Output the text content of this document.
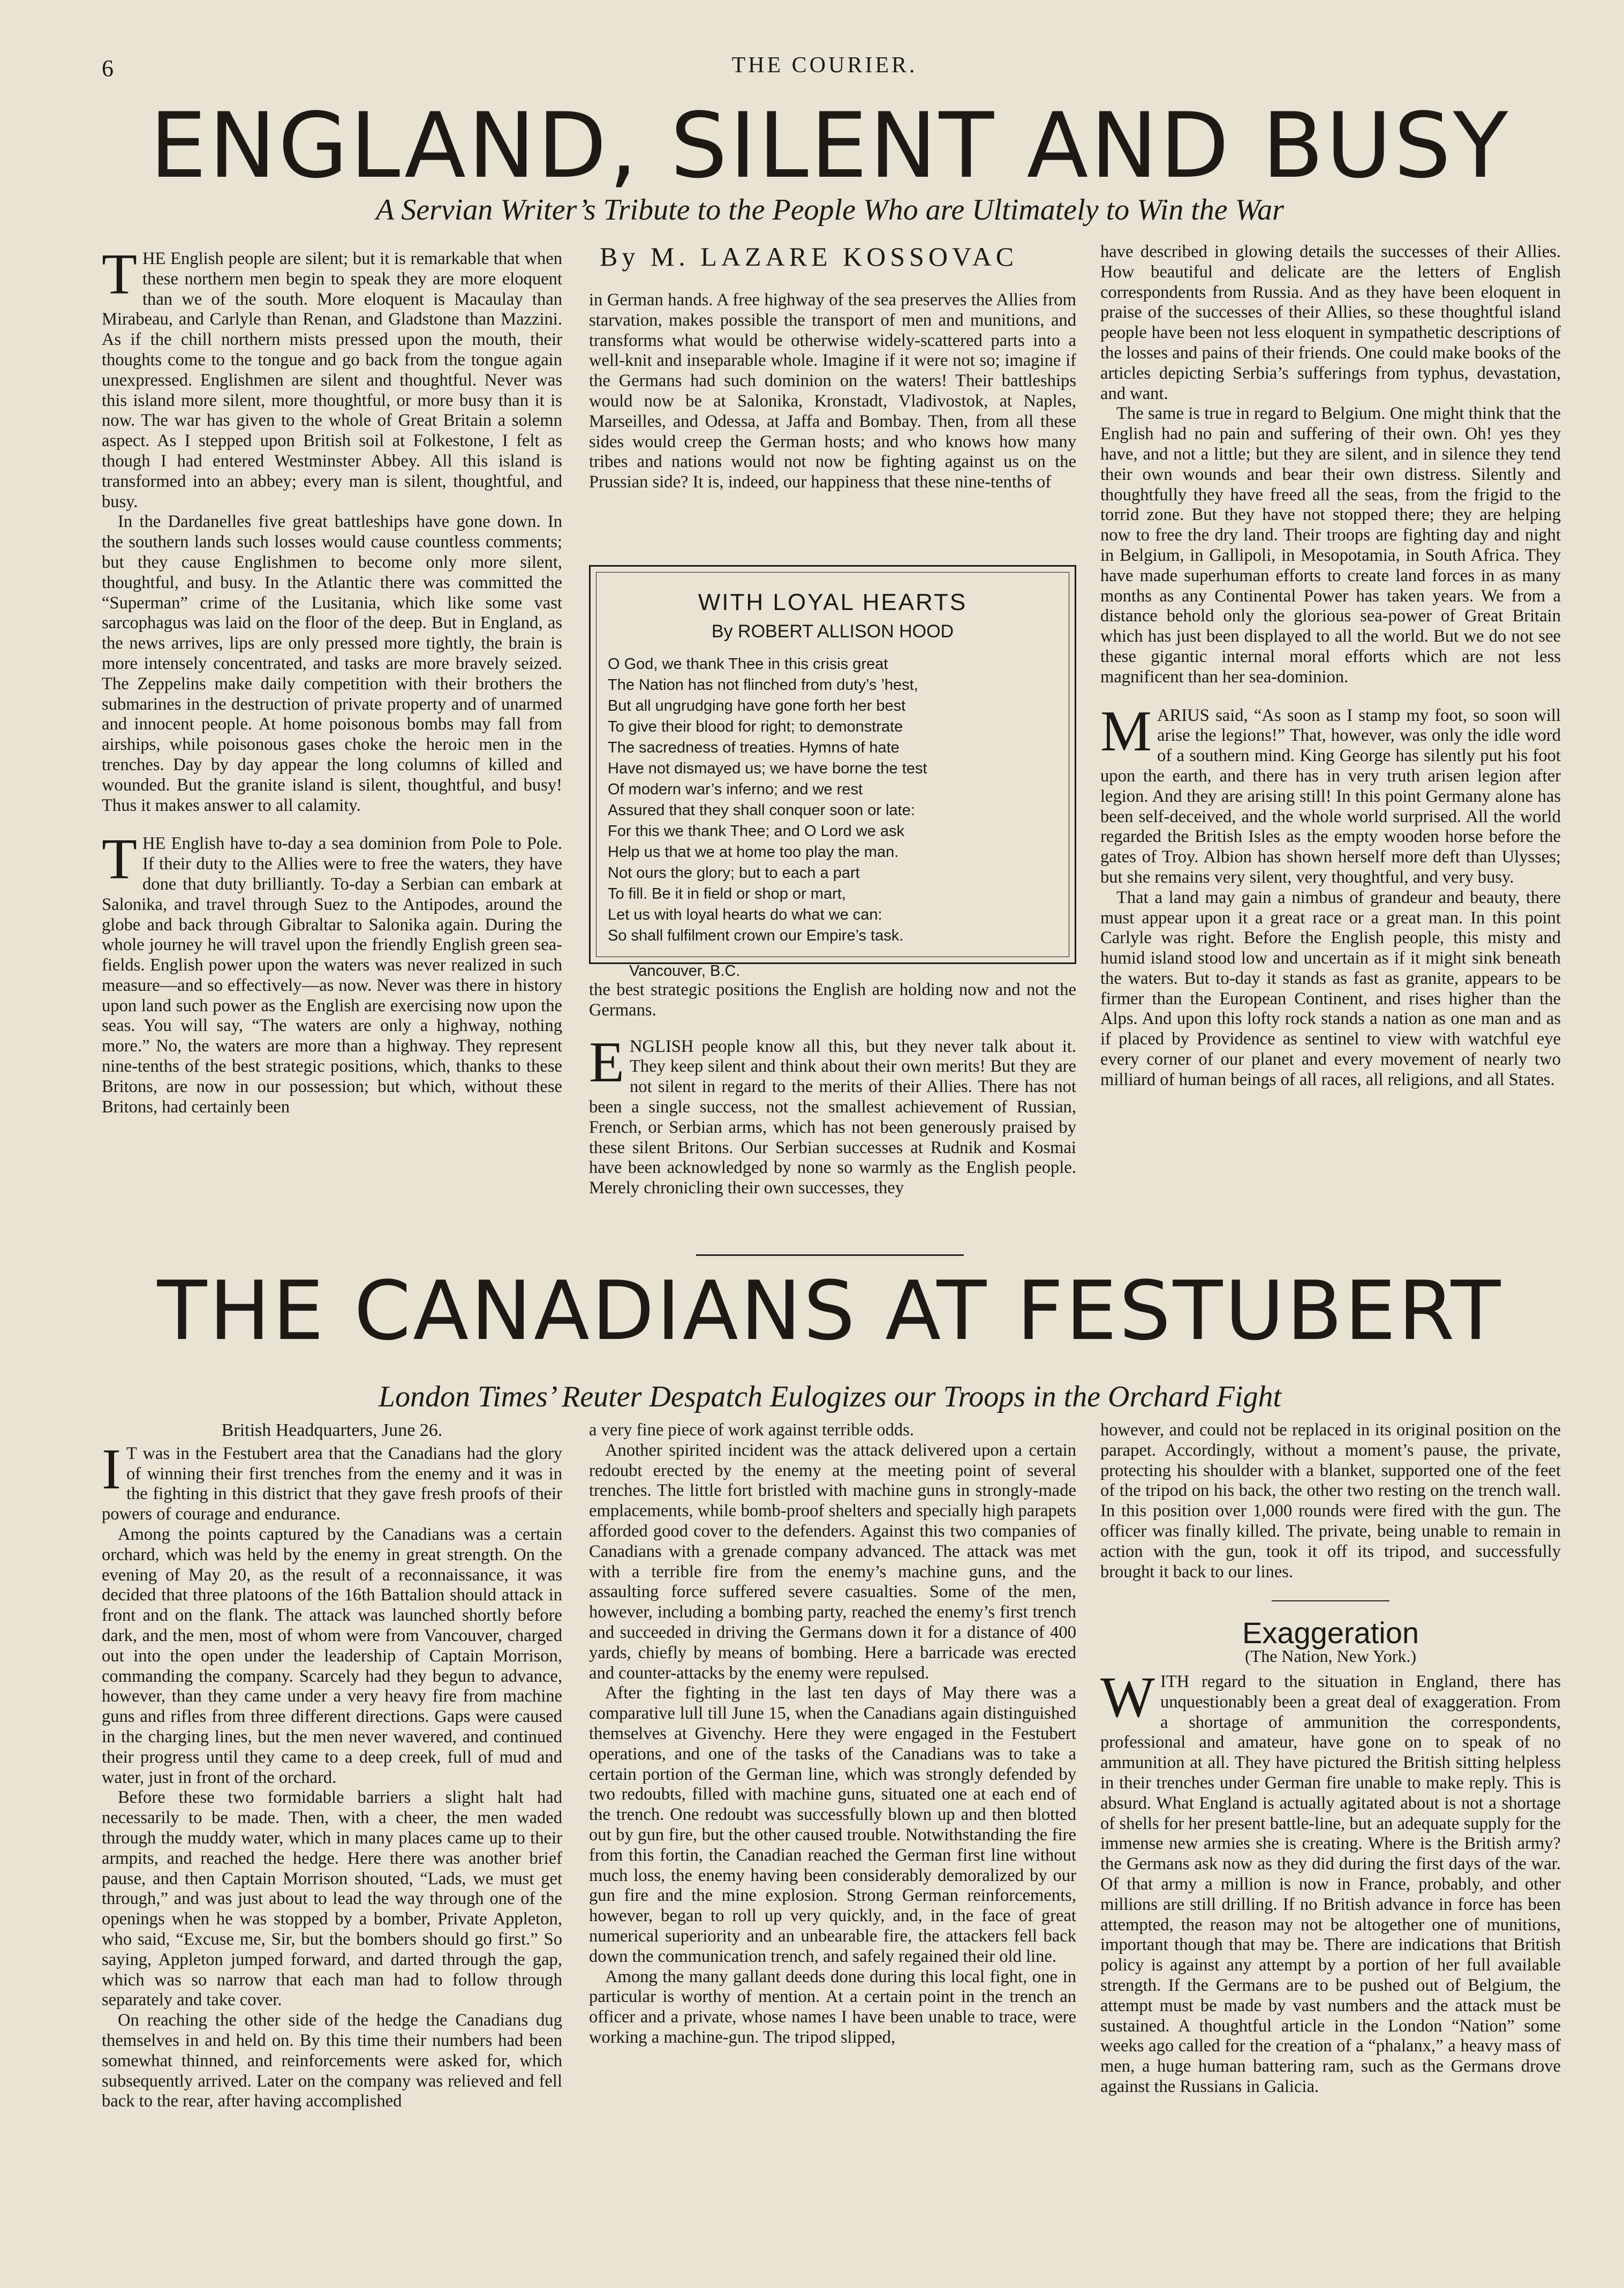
6	THE COURIER.
ENGLAND, SILENT AND BUSY
A Servian Writer’s Tribute to the People Who are Ultimately to Win the War

THE English people are silent; but it is remarkable that when these northern men begin to speak they are more eloquent than we of the south. More eloquent is Macaulay than Mirabeau, and Carlyle than Renan, and Gladstone than Mazzini. As if the chill northern mists pressed upon the mouth, their thoughts come to the tongue and go back from the tongue again unexpressed. Englishmen are silent and thoughtful. Never was this island more silent, more thoughtful, or more busy than it is now. The war has given to the whole of Great Britain a solemn aspect. As I stepped upon British soil at Folkestone, I felt as though I had entered Westminster Abbey. All this island is transformed into an abbey; every man is silent, thoughtful, and busy.

In the Dardanelles five great battleships have gone down. In the southern lands such losses would cause countless comments; but they cause Englishmen to become only more silent, thoughtful, and busy. In the Atlantic there was committed the “Superman” crime of the Lusitania, which like some vast sarcophagus was laid on the floor of the deep. But in England, as the news arrives, lips are only pressed more tightly, the brain is more intensely concentrated, and tasks are more bravely seized. The Zeppelins make daily competition with their brothers the submarines in the destruction of private property and of unarmed and innocent people. At home poisonous bombs may fall from airships, while poisonous gases choke the heroic men in the trenches. Day by day appear the long columns of killed and wounded. But the granite island is silent, thoughtful, and busy! Thus it makes answer to all calamity.

THE English have to-day a sea dominion from Pole to Pole. If their duty to the Allies were to free the waters, they have done that duty brilliantly. To-day a Serbian can embark at Salonika, and travel through Suez to the Antipodes, around the globe and back through Gibraltar to Salonika again. During the whole journey he will travel upon the friendly English green sea-fields. English power upon the waters was never realized in such measure—and so effectively—as now. Never was there in history upon land such power as the English are exercising now upon the seas. You will say, “The waters are only a highway, nothing more.” No, the waters are more than a highway. They represent nine-tenths of the best strategic positions, which, thanks to these Britons, are now in our possession; but which, without these Britons, had certainly been

By M. LAZARE KOSSOVAC

in German hands. A free highway of the sea preserves the Allies from starvation, makes possible the transport of men and munitions, and transforms what would be otherwise widely-scattered parts into a well-knit and inseparable whole. Imagine if it were not so; imagine if the Germans had such dominion on the waters! Their battleships would now be at Salonika, Kronstadt, Vladivostok, at Naples, Marseilles, and Odessa, at Jaffa and Bombay. Then, from all these sides would creep the German hosts; and who knows how many tribes and nations would not now be fighting against us on the Prussian side? It is, indeed, our happiness that these nine-tenths of

WITH LOYAL HEARTS
By ROBERT ALLISON HOOD
O God, we thank Thee in this crisis great
The Nation has not flinched from duty’s ’hest,
But all ungrudging have gone forth her best
To give their blood for right; to demonstrate
The sacredness of treaties. Hymns of hate
Have not dismayed us; we have borne the test
Of modern war’s inferno; and we rest
Assured that they shall conquer soon or late:
For this we thank Thee; and O Lord we ask
Help us that we at home too play the man.
Not ours the glory; but to each a part
To fill. Be it in field or shop or mart,
Let us with loyal hearts do what we can:
So shall fulfilment crown our Empire’s task.
Vancouver, B.C.

the best strategic positions the English are holding now and not the Germans.

ENGLISH people know all this, but they never talk about it. They keep silent and think about their own merits! But they are not silent in regard to the merits of their Allies. There has not been a single success, not the smallest achievement of Russian, French, or Serbian arms, which has not been generously praised by these silent Britons. Our Serbian successes at Rudnik and Kosmai have been acknowledged by none so warmly as the English people. Merely chronicling their own successes, they

have described in glowing details the successes of their Allies. How beautiful and delicate are the letters of English correspondents from Russia. And as they have been eloquent in praise of the successes of their Allies, so these thoughtful island people have been not less eloquent in sympathetic descriptions of the losses and pains of their friends. One could make books of the articles depicting Serbia’s sufferings from typhus, devastation, and want.

The same is true in regard to Belgium. One might think that the English had no pain and suffering of their own. Oh! yes they have, and not a little; but they are silent, and in silence they tend their own wounds and bear their own distress. Silently and thoughtfully they have freed all the seas, from the frigid to the torrid zone. But they have not stopped there; they are helping now to free the dry land. Their troops are fighting day and night in Belgium, in Gallipoli, in Mesopotamia, in South Africa. They have made superhuman efforts to create land forces in as many months as any Continental Power has taken years. We from a distance behold only the glorious sea-power of Great Britain which has just been displayed to all the world. But we do not see these gigantic internal moral efforts which are not less magnificent than her sea-dominion.

MARIUS said, “As soon as I stamp my foot, so soon will arise the legions!” That, however, was only the idle word of a southern mind. King George has silently put his foot upon the earth, and there has in very truth arisen legion after legion. And they are arising still! In this point Germany alone has been self-deceived, and the whole world surprised. All the world regarded the British Isles as the empty wooden horse before the gates of Troy. Albion has shown herself more deft than Ulysses; but she remains very silent, very thoughtful, and very busy.

That a land may gain a nimbus of grandeur and beauty, there must appear upon it a great race or a great man. In this point Carlyle was right. Before the English people, this misty and humid island stood low and uncertain as if it might sink beneath the waters. But to-day it stands as fast as granite, appears to be firmer than the European Continent, and rises higher than the Alps. And upon this lofty rock stands a nation as one man and as if placed by Providence as sentinel to view with watchful eye every corner of our planet and every movement of nearly two milliard of human beings of all races, all religions, and all States.

THE CANADIANS AT FESTUBERT
London Times’ Reuter Despatch Eulogizes our Troops in the Orchard Fight
British Headquarters, June 26.

I T was in the Festubert area that the Canadians had the glory of winning their first trenches from the enemy and it was in the fighting in this district that they gave fresh proofs of their powers of courage and endurance.

Among the points captured by the Canadians was a certain orchard, which was held by the enemy in great strength. On the evening of May 20, as the result of a reconnaissance, it was decided that three platoons of the 16th Battalion should attack in front and on the flank. The attack was launched shortly before dark, and the men, most of whom were from Vancouver, charged out into the open under the leadership of Captain Morrison, commanding the company. Scarcely had they begun to advance, however, than they came under a very heavy fire from machine guns and rifles from three different directions. Gaps were caused in the charging lines, but the men never wavered, and continued their progress until they came to a deep creek, full of mud and water, just in front of the orchard.

Before these two formidable barriers a slight halt had necessarily to be made. Then, with a cheer, the men waded through the muddy water, which in many places came up to their armpits, and reached the hedge. Here there was another brief pause, and then Captain Morrison shouted, “Lads, we must get through,” and was just about to lead the way through one of the openings when he was stopped by a bomber, Private Appleton, who said, “Excuse me, Sir, but the bombers should go first.” So saying, Appleton jumped forward, and darted through the gap, which was so narrow that each man had to follow through separately and take cover.

On reaching the other side of the hedge the Canadians dug themselves in and held on. By this time their numbers had been somewhat thinned, and reinforcements were asked for, which subsequently arrived. Later on the company was relieved and fell back to the rear, after having accomplished

a very fine piece of work against terrible odds.

Another spirited incident was the attack delivered upon a certain redoubt erected by the enemy at the meeting point of several trenches. The little fort bristled with machine guns in strongly-made emplacements, while bomb-proof shelters and specially high parapets afforded good cover to the defenders. Against this two companies of Canadians with a grenade company advanced. The attack was met with a terrible fire from the enemy’s machine guns, and the assaulting force suffered severe casualties. Some of the men, however, including a bombing party, reached the enemy’s first trench and succeeded in driving the Germans down it for a distance of 400 yards, chiefly by means of bombing. Here a barricade was erected and counter-attacks by the enemy were repulsed.

After the fighting in the last ten days of May there was a comparative lull till June 15, when the Canadians again distinguished themselves at Givenchy. Here they were engaged in the Festubert operations, and one of the tasks of the Canadians was to take a certain portion of the German line, which was strongly defended by two redoubts, filled with machine guns, situated one at each end of the trench. One redoubt was successfully blown up and then blotted out by gun fire, but the other caused trouble. Notwithstanding the fire from this fortin, the Canadian reached the German first line without much loss, the enemy having been considerably demoralized by our gun fire and the mine explosion. Strong German reinforcements, however, began to roll up very quickly, and, in the face of great numerical superiority and an unbearable fire, the attackers fell back down the communication trench, and safely regained their old line.

Among the many gallant deeds done during this local fight, one in particular is worthy of mention. At a certain point in the trench an officer and a private, whose names I have been unable to trace, were working a machine-gun. The tripod slipped,

however, and could not be replaced in its original position on the parapet. Accordingly, without a moment’s pause, the private, protecting his shoulder with a blanket, supported one of the feet of the tripod on his back, the other two resting on the trench wall. In this position over 1,000 rounds were fired with the gun. The officer was finally killed. The private, being unable to remain in action with the gun, took it off its tripod, and successfully brought it back to our lines.

Exaggeration
(The Nation, New York.)

WITH regard to the situation in England, there has unquestionably been a great deal of exaggeration. From a shortage of ammunition the correspondents, professional and amateur, have gone on to speak of no ammunition at all. They have pictured the British sitting helpless in their trenches under German fire unable to make reply. This is absurd. What England is actually agitated about is not a shortage of shells for her present battle-line, but an adequate supply for the immense new armies she is creating. Where is the British army? the Germans ask now as they did during the first days of the war. Of that army a million is now in France, probably, and other millions are still drilling. If no British advance in force has been attempted, the reason may not be altogether one of munitions, important though that may be. There are indications that British policy is against any attempt by a portion of her full available strength. If the Germans are to be pushed out of Belgium, the attempt must be made by vast numbers and the attack must be sustained. A thoughtful article in the London “Nation” some weeks ago called for the creation of a “phalanx,” a heavy mass of men, a huge human battering ram, such as the Germans drove against the Russians in Galicia.
